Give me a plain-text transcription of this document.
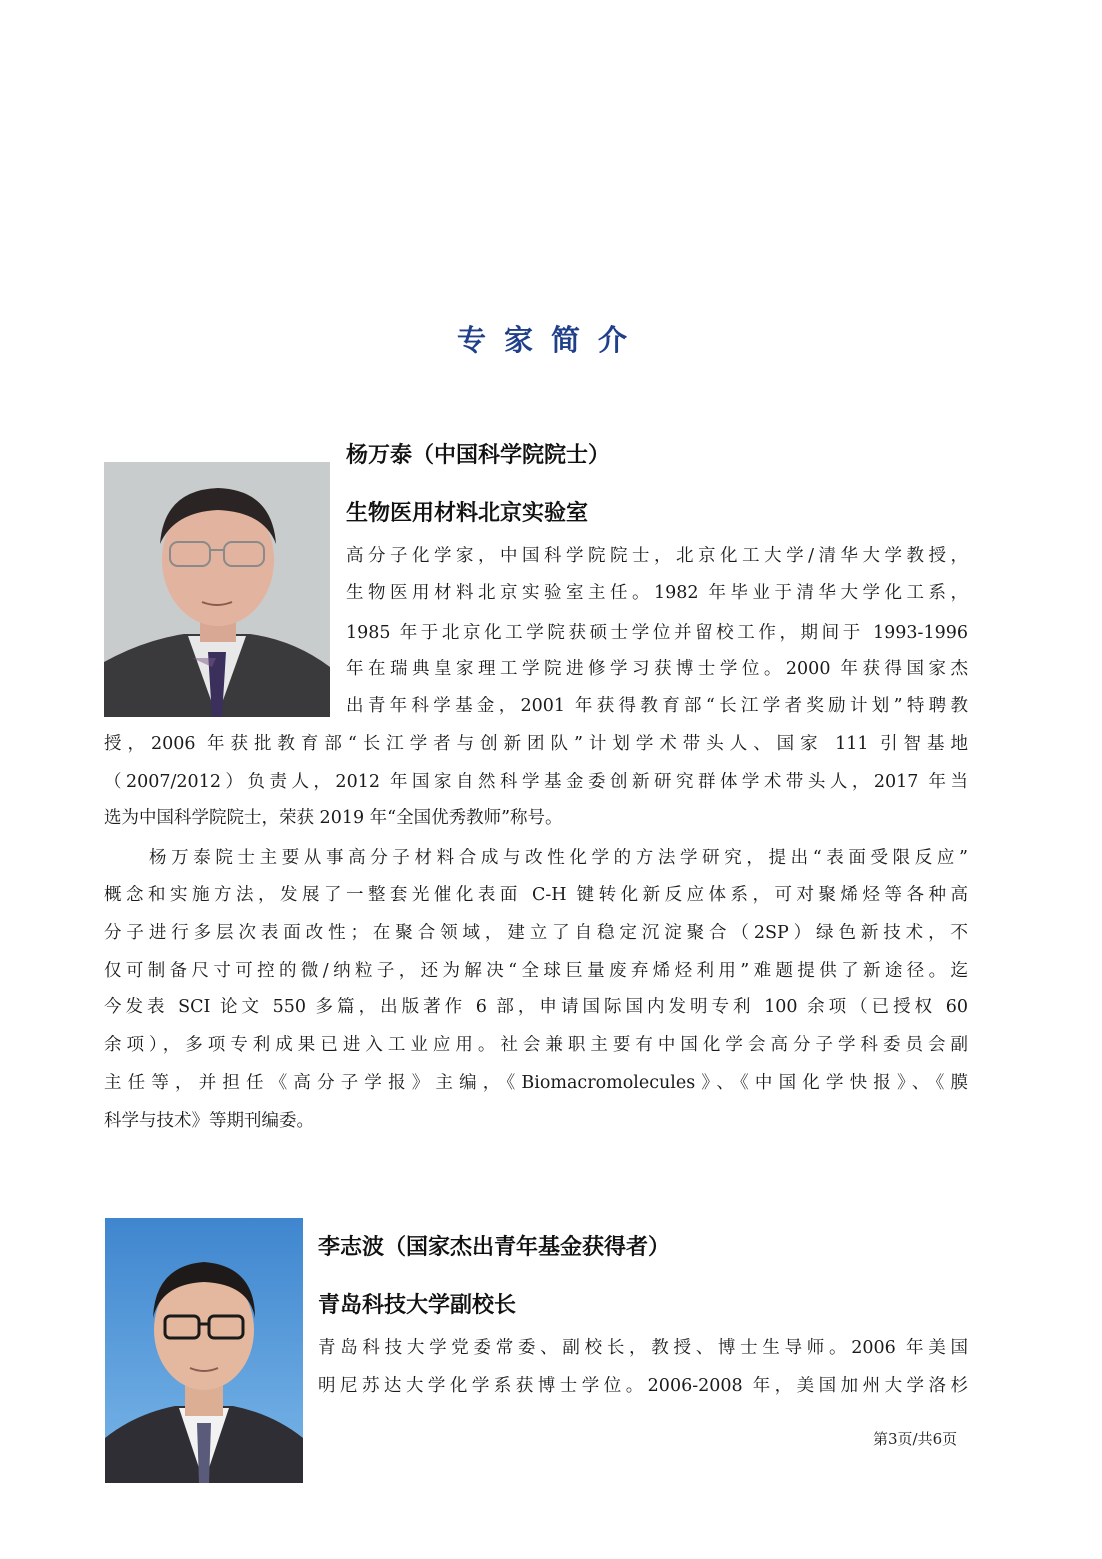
专家简介
杨万泰（中国科学院院士）
生物医用材料北京实验室

高分子化学家，中国科学院院士，北京化工大学/清华大学教授，

生物医用材料北京实验室主任。1982 年毕业于清华大学化工系，

1985 年于北京化工学院获硕士学位并留校工作，期间于 1993-1996

年在瑞典皇家理工学院进修学习获博士学位。2000 年获得国家杰

出青年科学基金，2001 年获得教育部“长江学者奖励计划”特聘教

授，2006 年获批教育部“长江学者与创新团队”计划学术带头人、国家 111 引智基地

（2007/2012）负责人，2012 年国家自然科学基金委创新研究群体学术带头人，2017 年当

选为中国科学院院士，荣获 2019 年“全国优秀教师”称号。

杨万泰院士主要从事高分子材料合成与改性化学的方法学研究，提出“表面受限反应”

概念和实施方法，发展了一整套光催化表面 C-H 键转化新反应体系，可对聚烯烃等各种高

分子进行多层次表面改性；在聚合领域，建立了自稳定沉淀聚合（2SP）绿色新技术，不

仅可制备尺寸可控的微/纳粒子，还为解决“全球巨量废弃烯烃利用”难题提供了新途径。迄

今发表 SCI 论文 550 多篇，出版著作 6 部，申请国际国内发明专利 100 余项（已授权 60

余项），多项专利成果已进入工业应用。社会兼职主要有中国化学会高分子学科委员会副

主任等，并担任《高分子学报》主编，《Biomacromolecules》、《中国化学快报》、《膜

科学与技术》等期刊编委。

李志波（国家杰出青年基金获得者）
青岛科技大学副校长

青岛科技大学党委常委、副校长，教授、博士生导师。2006 年美国

明尼苏达大学化学系获博士学位。2006-2008 年，美国加州大学洛杉

第3页/共6页
